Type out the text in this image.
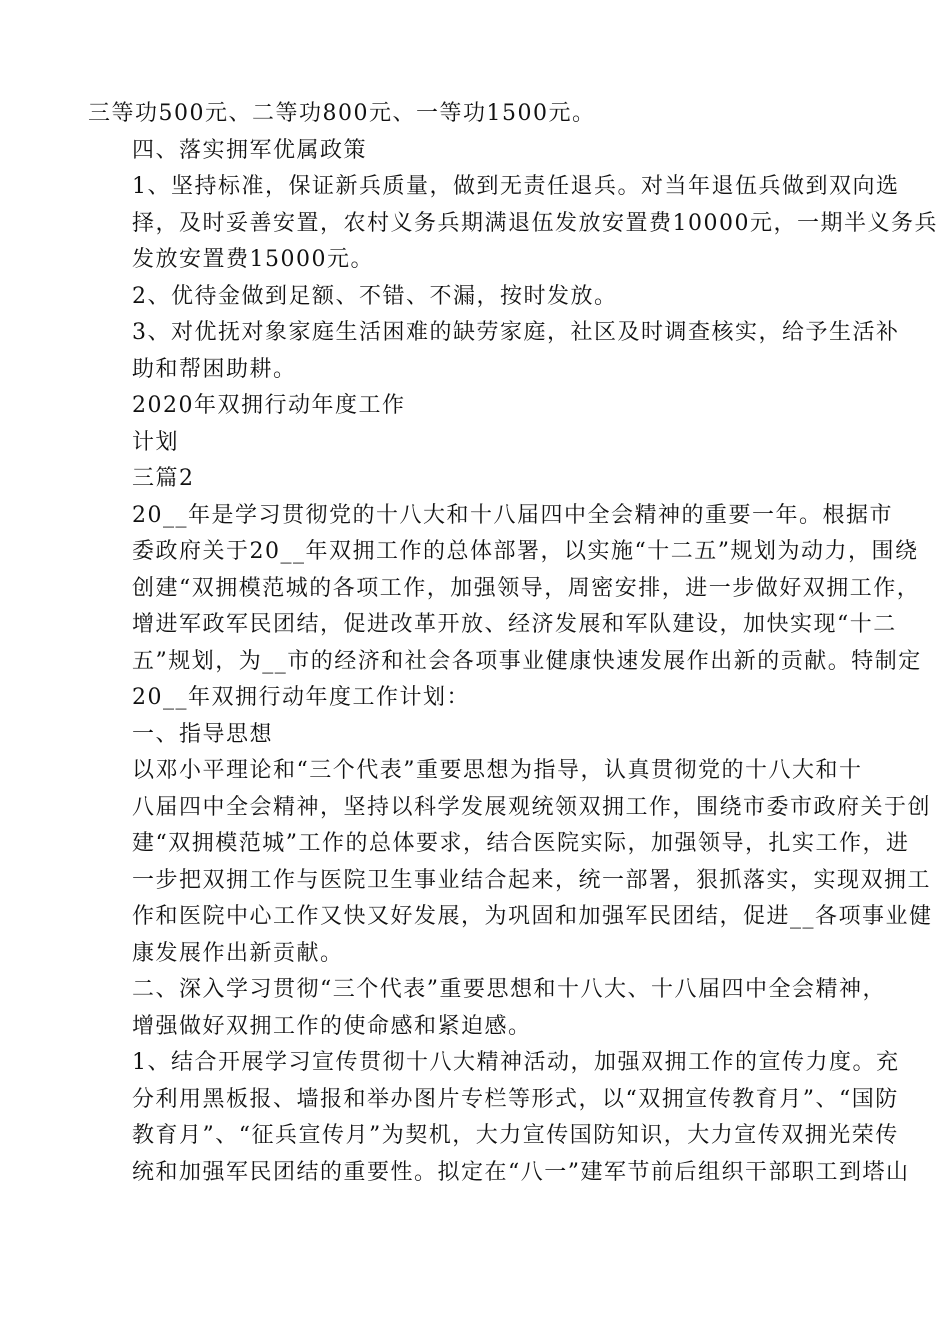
三等功500元、二等功800元、一等功1500元。

四、落实拥军优属政策

1、坚持标准，保证新兵质量，做到无责任退兵。对当年退伍兵做到双向选
择，及时妥善安置，农村义务兵期满退伍发放安置费10000元，一期半义务兵
发放安置费15000元。

2、优待金做到足额、不错、不漏，按时发放。

3、对优抚对象家庭生活困难的缺劳家庭，社区及时调查核实，给予生活补
助和帮困助耕。

2020年双拥行动年度工作

计划

三篇2

20__年是学习贯彻党的十八大和十八届四中全会精神的重要一年。根据市
委政府关于20__年双拥工作的总体部署，以实施“十二五”规划为动力，围绕
创建“双拥模范城的各项工作，加强领导，周密安排，进一步做好双拥工作，
增进军政军民团结，促进改革开放、经济发展和军队建设，加快实现“十二
五”规划，为__市的经济和社会各项事业健康快速发展作出新的贡献。特制定
20__年双拥行动年度工作计划：

一、指导思想

以邓小平理论和“三个代表”重要思想为指导，认真贯彻党的十八大和十
八届四中全会精神，坚持以科学发展观统领双拥工作，围绕市委市政府关于创
建“双拥模范城”工作的总体要求，结合医院实际，加强领导，扎实工作，进
一步把双拥工作与医院卫生事业结合起来，统一部署，狠抓落实，实现双拥工
作和医院中心工作又快又好发展，为巩固和加强军民团结，促进__各项事业健
康发展作出新贡献。

二、深入学习贯彻“三个代表”重要思想和十八大、十八届四中全会精神，
增强做好双拥工作的使命感和紧迫感。

1、结合开展学习宣传贯彻十八大精神活动，加强双拥工作的宣传力度。充
分利用黑板报、墙报和举办图片专栏等形式，以“双拥宣传教育月”、“国防
教育月”、“征兵宣传月”为契机，大力宣传国防知识，大力宣传双拥光荣传
统和加强军民团结的重要性。拟定在“八一”建军节前后组织干部职工到塔山
